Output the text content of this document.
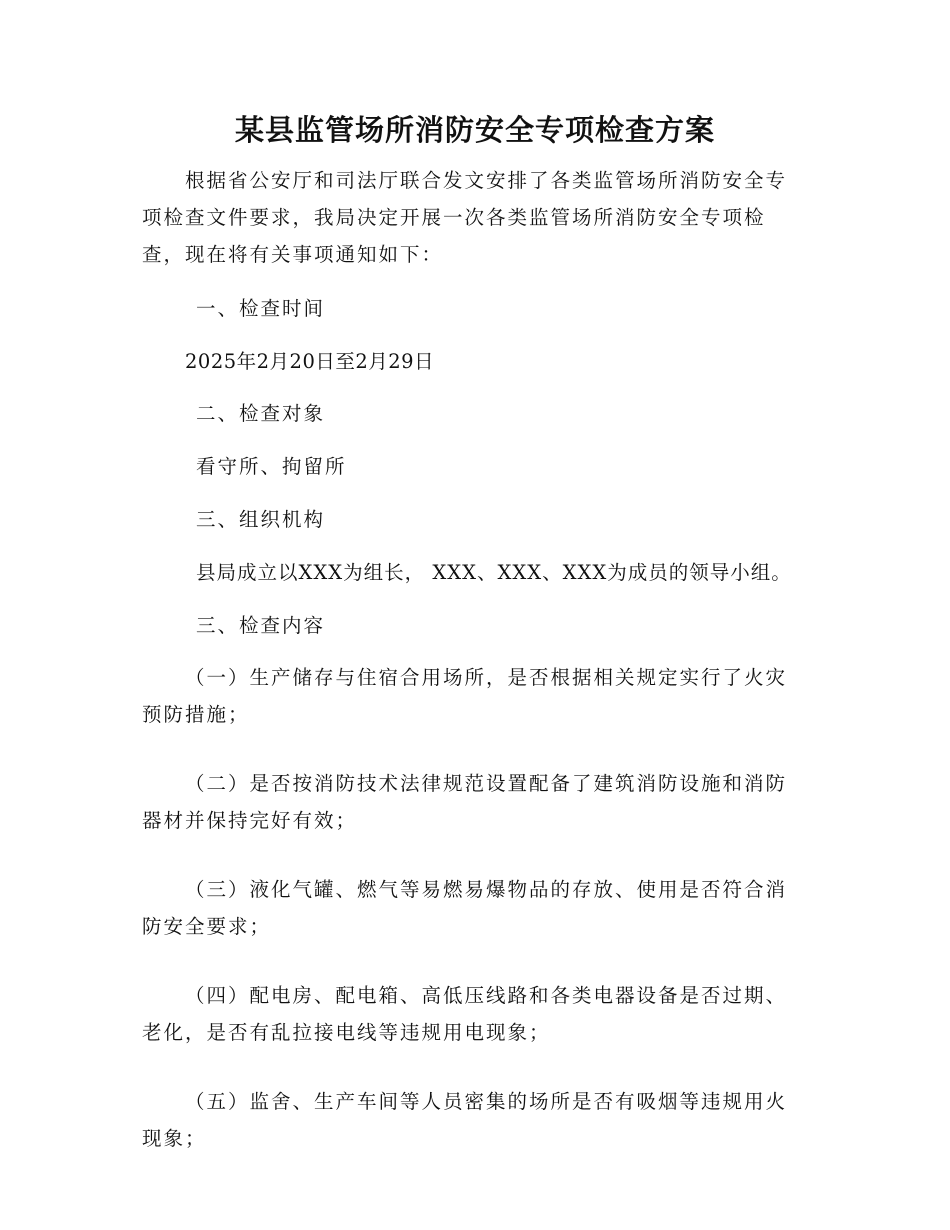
某县监管场所消防安全专项检查方案

根据省公安厅和司法厅联合发文安排了各类监管场所消防安全专项检查文件要求，我局决定开展一次各类监管场所消防安全专项检查，现在将有关事项通知如下：

一、检查时间

2025年2月20日至2月29日

二、检查对象

看守所、拘留所

三、组织机构

县局成立以XXX为组长， XXX、XXX、XXX为成员的领导小组。

三、检查内容

（一）生产储存与住宿合用场所，是否根据相关规定实行了火灾预防措施；

（二）是否按消防技术法律规范设置配备了建筑消防设施和消防器材并保持完好有效；

（三）液化气罐、燃气等易燃易爆物品的存放、使用是否符合消防安全要求；

（四）配电房、配电箱、高低压线路和各类电器设备是否过期、老化，是否有乱拉接电线等违规用电现象；

（五）监舍、生产车间等人员密集的场所是否有吸烟等违规用火现象；
